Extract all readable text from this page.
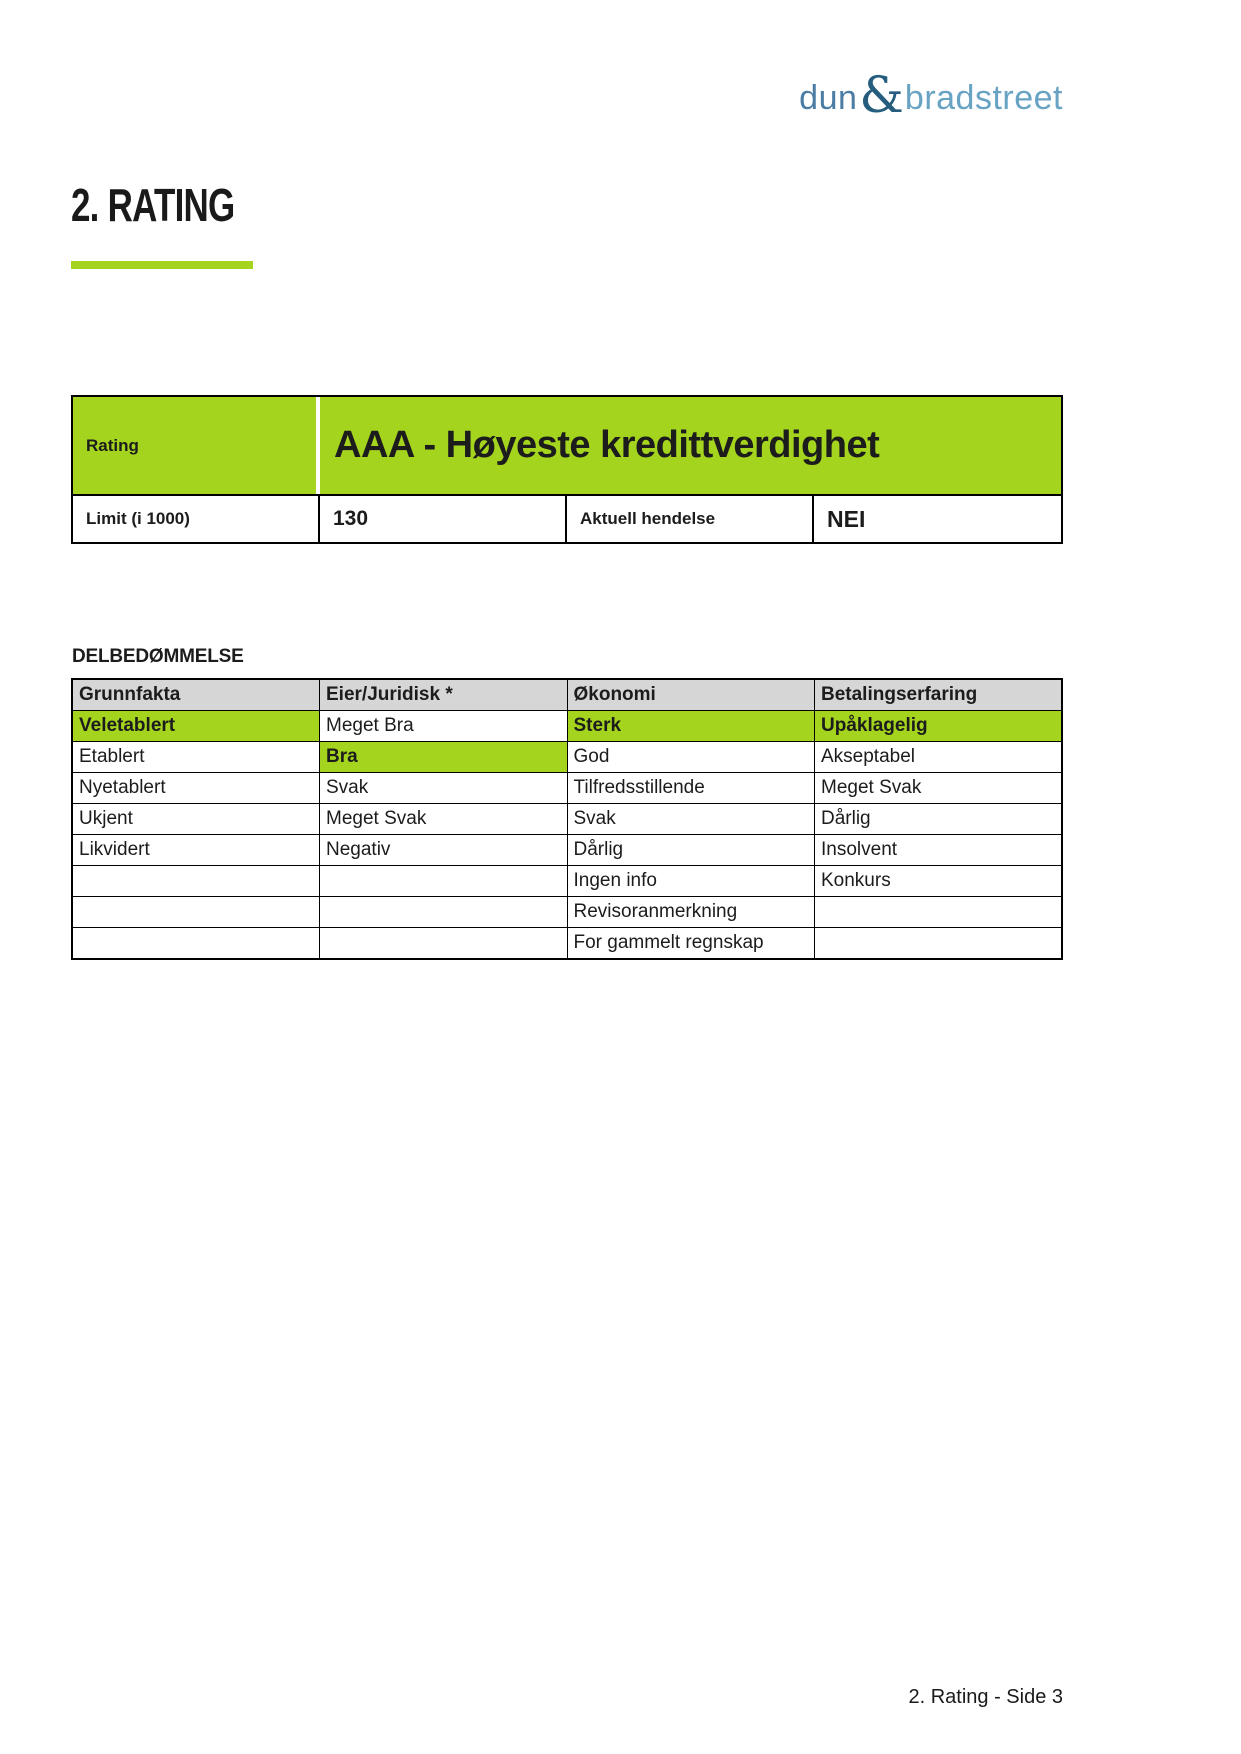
dun & bradstreet
2. RATING
Rating	AAA - Høyeste kredittverdighet
Limit (i 1000)	130	Aktuell hendelse	NEI
DELBEDØMMELSE
Grunnfakta	Eier/Juridisk *	Økonomi	Betalingserfaring
Veletablert	Meget Bra	Sterk	Upåklagelig
Etablert	Bra	God	Akseptabel
Nyetablert	Svak	Tilfredsstillende	Meget Svak
Ukjent	Meget Svak	Svak	Dårlig
Likvidert	Negativ	Dårlig	Insolvent
		Ingen info	Konkurs
		Revisoranmerkning	
		For gammelt regnskap	
2. Rating - Side 3
